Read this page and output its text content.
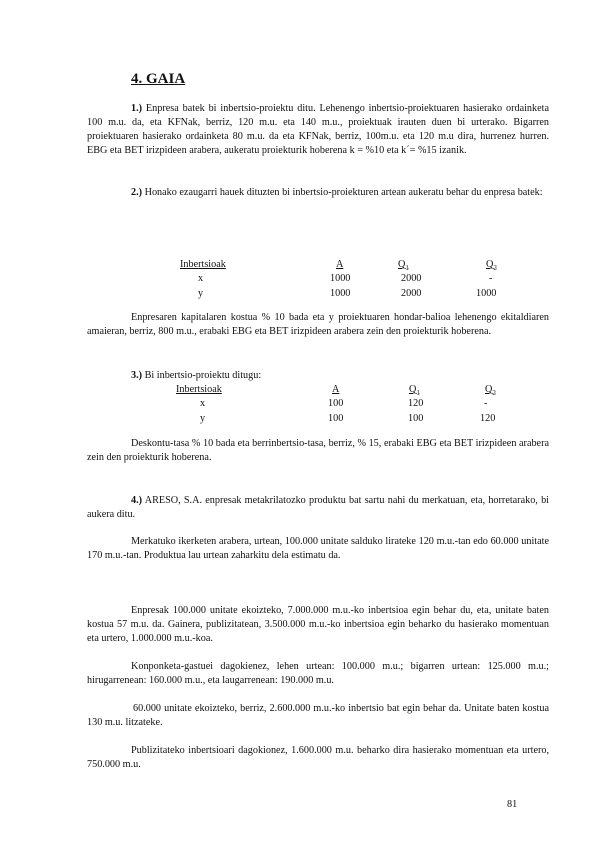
4. GAIA

1.) Enpresa batek bi inbertsio-proiektu ditu. Lehenengo inbertsio-proiektuaren hasierako ordainketa 100 m.u. da, eta KFNak, berriz, 120 m.u. eta 140 m.u., proiektuak irauten duen bi urterako. Bigarren proiektuaren hasierako ordainketa 80 m.u. da eta KFNak, berriz, 100m.u. eta 120 m.u dira, hurrenez hurren. EBG eta BET irizpideen arabera, aukeratu proiekturik hoberena k = %10 eta k´= %15 izanik.

2.) Honako ezaugarri hauek dituzten bi inbertsio-proiekturen artean aukeratu behar du enpresa batek:

Inbertsioak	A	$Q_1$	$Q_2$
x	1000	2000	-
y	1000	2000	1000

Enpresaren kapitalaren kostua % 10 bada eta y proiektuaren hondar-balioa lehenengo ekitaldiaren amaieran, berriz, 800 m.u., erabaki EBG eta BET irizpideen arabera zein den proiekturik hoberena.

3.) Bi inbertsio-proiektu ditugu:
Inbertsioak	A	$Q_1$	$Q_2$
x	100	120	-
y	100	100	120

Deskontu-tasa % 10 bada eta berrinbertsio-tasa, berriz, % 15, erabaki EBG eta BET irizpideen arabera zein den proiekturik hoberena.

4.) ARESO, S.A. enpresak metakrilatozko produktu bat sartu nahi du merkatuan, eta, horretarako, bi aukera ditu.

Merkatuko ikerketen arabera, urtean, 100.000 unitate salduko lirateke 120 m.u.-tan edo 60.000 unitate 170 m.u.-tan. Produktua lau urtean zaharkitu dela estimatu da.

Enpresak 100.000 unitate ekoizteko, 7.000.000 m.u.-ko inbertsioa egin behar du, eta, unitate baten kostua 57 m.u. da. Gainera, publizitatean, 3.500.000 m.u.-ko inbertsioa egin beharko du hasierako momentuan eta urtero, 1.000.000 m.u.-koa.

Konponketa-gastuei dagokienez, lehen urtean: 100.000 m.u.; bigarren urtean: 125.000 m.u.; hirugarrenean: 160.000 m.u., eta laugarrenean: 190.000 m.u.

60.000 unitate ekoizteko, berriz, 2.600.000 m.u.-ko inbertsio bat egin behar da. Unitate baten kostua 130 m.u. litzateke.

Publizitateko inbertsioari dagokionez, 1.600.000 m.u. beharko dira hasierako momentuan eta urtero, 750.000 m.u.

81
